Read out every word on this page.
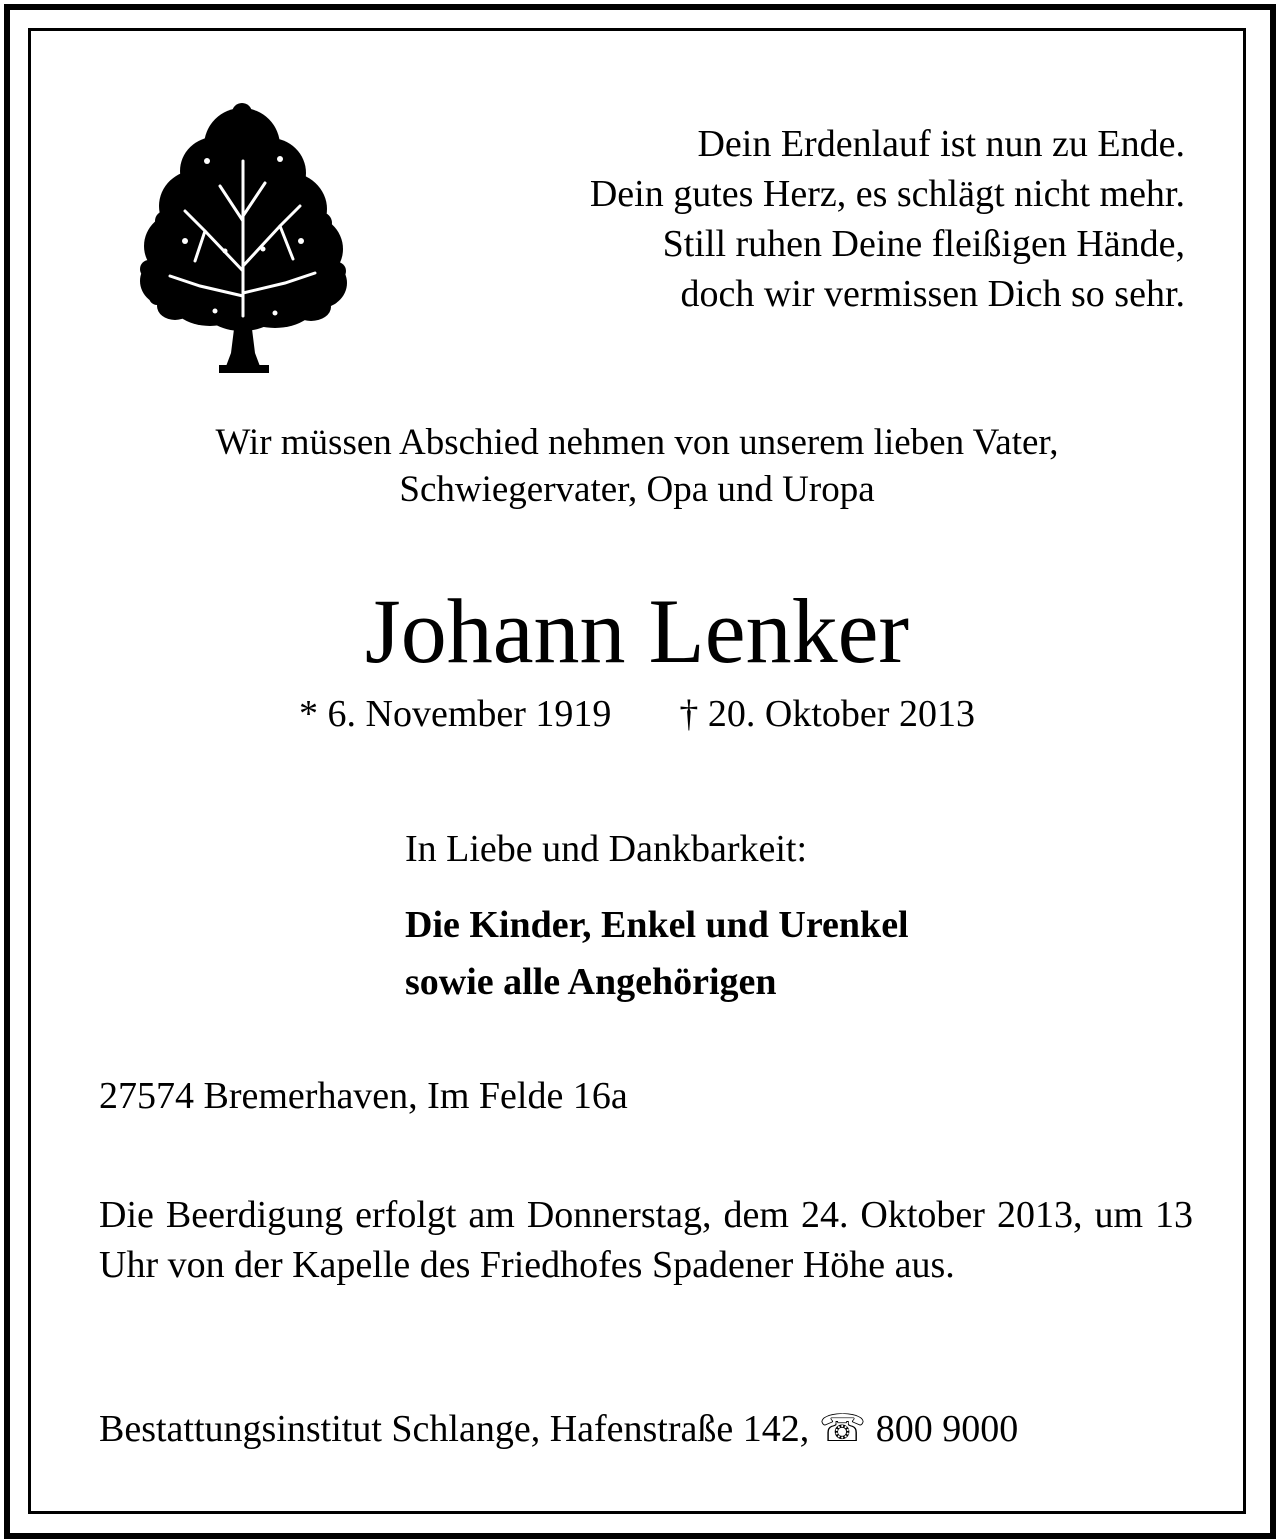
Dein Erdenlauf ist nun zu Ende.
Dein gutes Herz, es schlägt nicht mehr.
Still ruhen Deine fleißigen Hände,
doch wir vermissen Dich so sehr.
Wir müssen Abschied nehmen von unserem lieben Vater,
Schwiegervater, Opa und Uropa
Johann Lenker
* 6. November 1919 † 20. Oktober 2013
In Liebe und Dankbarkeit:
Die Kinder, Enkel und Urenkel
sowie alle Angehörigen
27574 Bremerhaven, Im Felde 16a
Die Beerdigung erfolgt am Donnerstag, dem 24. Oktober 2013, um 13 Uhr von der Kapelle des Friedhofes Spadener Höhe aus.
Bestattungsinstitut Schlange, Hafenstraße 142, ☏ 800 9000
